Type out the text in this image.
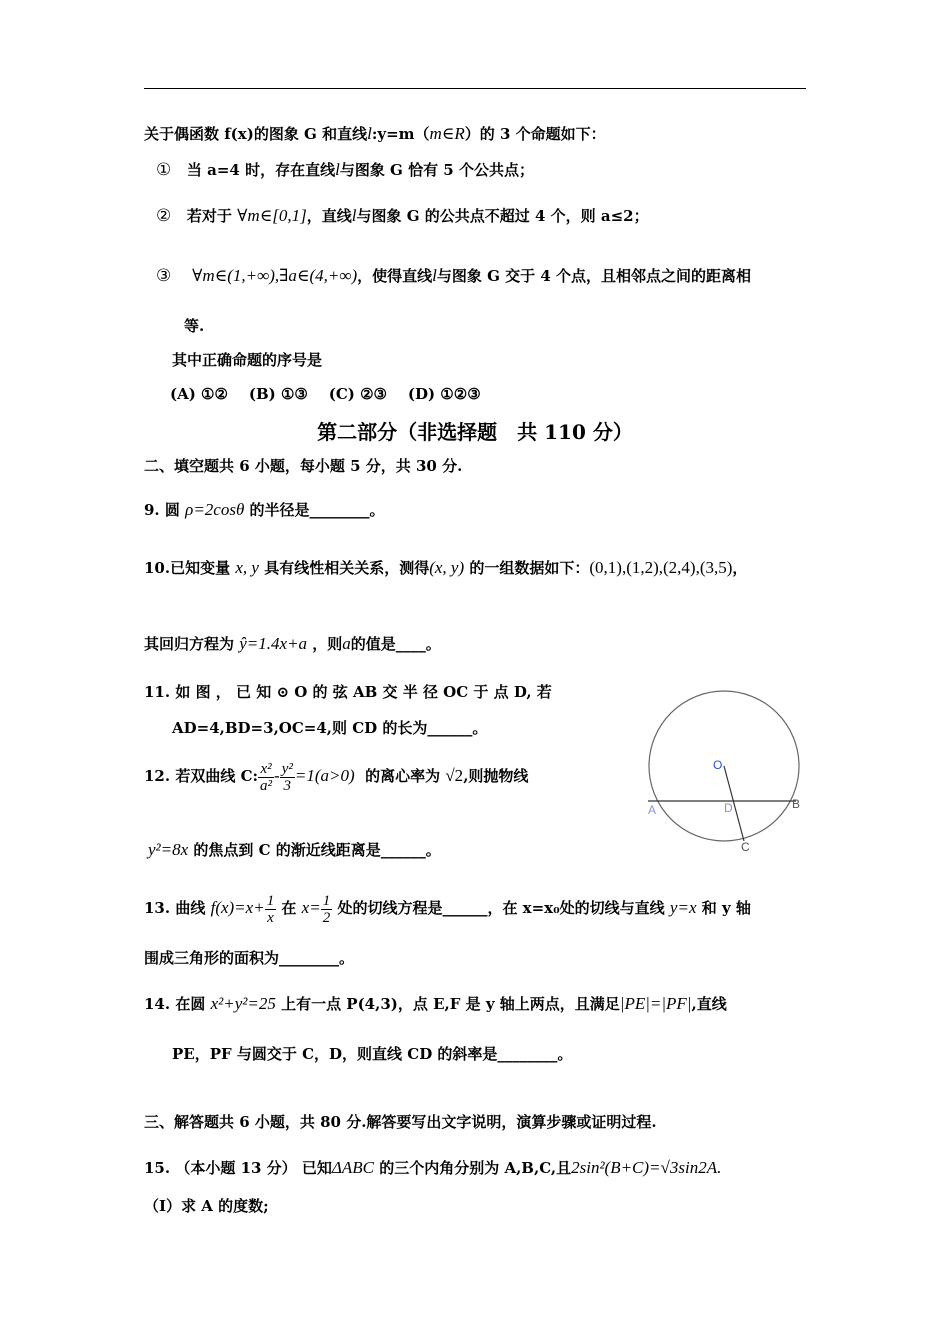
关于偶函数 f(x)的图象 G 和直线l:y=m（m∈R）的 3 个命题如下：
① 当 a=4 时，存在直线l与图象 G 恰有 5 个公共点；
② 若对于 ∀m∈[0,1]，直线l与图象 G 的公共点不超过 4 个，则 a≤2；
③ ∀m∈(1,+∞),∃a∈(4,+∞)，使得直线l与图象 G 交于 4 个点，且相邻点之间的距离相
等.
其中正确命题的序号是
(A) ①② (B) ①③ (C) ②③ (D) ①②③
第二部分（非选择题　共 110 分）
二、填空题共 6 小题，每小题 5 分，共 30 分.
9. 圆 ρ=2cosθ 的半径是________。
10.已知变量 x, y 具有线性相关关系，测得(x, y) 的一组数据如下：(0,1),(1,2),(2,4),(3,5)，
其回归方程为 ŷ=1.4x+a ，则a的值是____。
11. 如 图 ， 已 知 ⊙ O 的 弦 AB 交 半 径 OC 于 点 D, 若
AD=4,BD=3,OC=4,则 CD 的长为______。
12. 若双曲线 C: $\frac{\text{x²}}{\text{a²}} - \frac{\text{y²}}{3} =1(a>0)$ 的离心率为 √2,则抛物线
y²=8x 的焦点到 C 的渐近线距离是______。
O
A	D	B
C
13. 曲线 $f(x)=x+ \frac{1}{x}$ 在 $x= \frac{1}{2}$ 处的切线方程是______，在 x=x₀处的切线与直线 y=x 和 y 轴
围成三角形的面积为________。
14. 在圆 x²+y²=25 上有一点 P(4,3)，点 E,F 是 y 轴上两点，且满足|PE|=|PF|,直线
PE，PF 与圆交于 C，D，则直线 CD 的斜率是________。
三、解答题共 6 小题，共 80 分.解答要写出文字说明，演算步骤或证明过程.
15. （本小题 13 分） 已知ΔABC 的三个内角分别为 A,B,C,且2sin²(B+C)=√3sin2A.
（Ⅰ）求 A 的度数;
